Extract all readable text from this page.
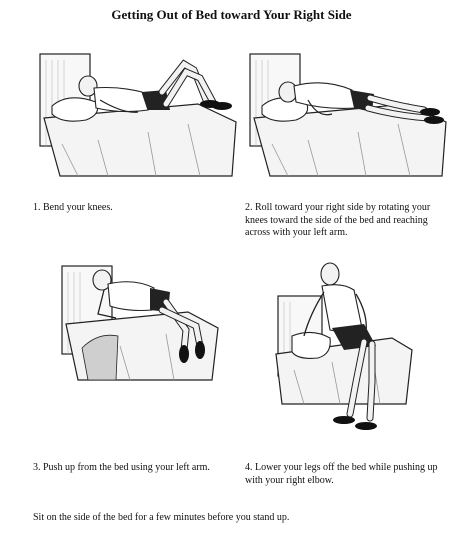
Getting Out of Bed toward Your Right Side
1. Bend your knees.	2. Roll toward your right side by rotating your knees toward the side of the bed and reaching across with your left arm.
3. Push up from the bed using your left arm.	4. Lower your legs off the bed while pushing up with your right elbow.
Sit on the side of the bed for a few minutes before you stand up.
